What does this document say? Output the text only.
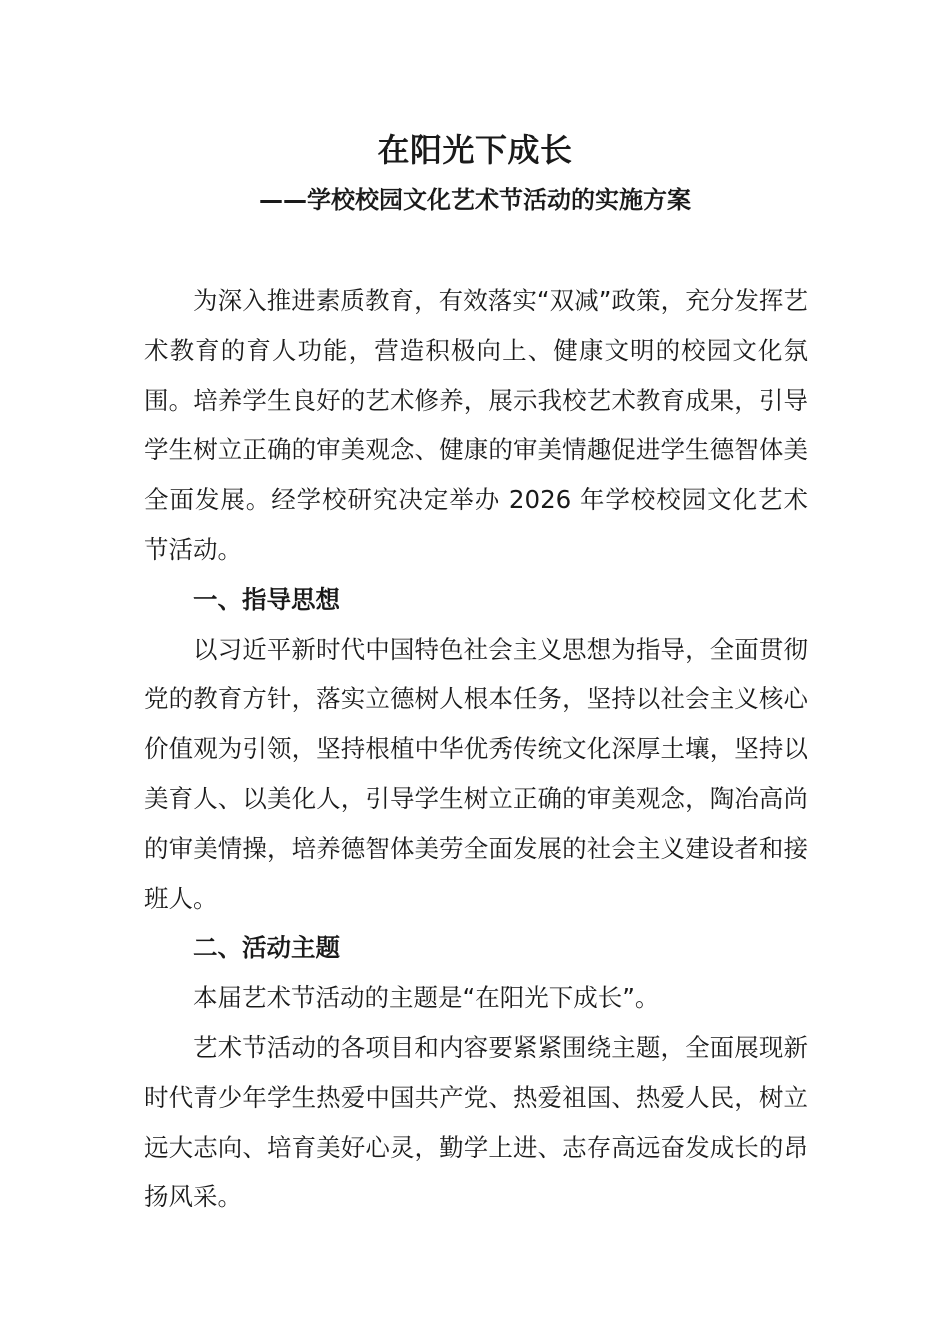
在阳光下成长
——学校校园文化艺术节活动的实施方案

为深入推进素质教育，有效落实“双减”政策，充分发挥艺术教育的育人功能，营造积极向上、健康文明的校园文化氛围。培养学生良好的艺术修养，展示我校艺术教育成果，引导学生树立正确的审美观念、健康的审美情趣促进学生德智体美全面发展。经学校研究决定举办 2026 年学校校园文化艺术节活动。

一、指导思想

以习近平新时代中国特色社会主义思想为指导，全面贯彻党的教育方针，落实立德树人根本任务，坚持以社会主义核心价值观为引领，坚持根植中华优秀传统文化深厚土壤，坚持以美育人、以美化人，引导学生树立正确的审美观念，陶冶高尚的审美情操，培养德智体美劳全面发展的社会主义建设者和接班人。

二、活动主题

本届艺术节活动的主题是“在阳光下成长”。

艺术节活动的各项目和内容要紧紧围绕主题，全面展现新时代青少年学生热爱中国共产党、热爱祖国、热爱人民，树立远大志向、培育美好心灵，勤学上进、志存高远奋发成长的昂扬风采。
